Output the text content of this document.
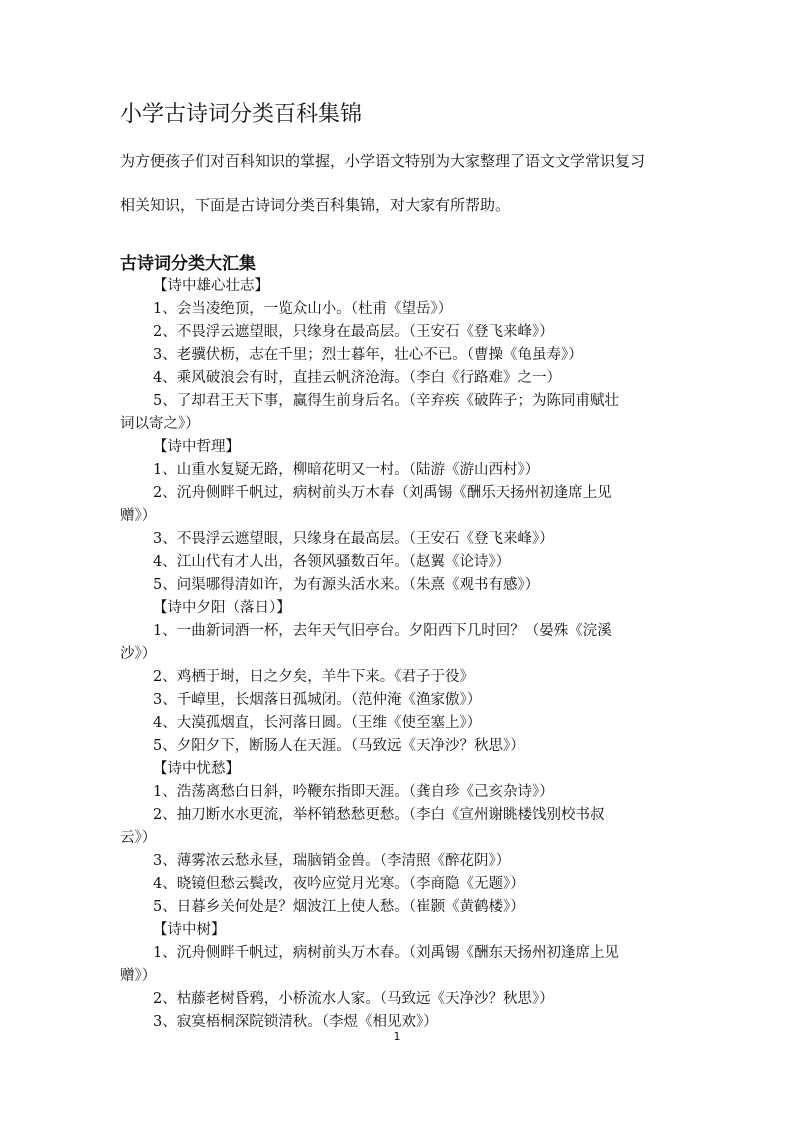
小学古诗词分类百科集锦

为方便孩子们对百科知识的掌握，小学语文特别为大家整理了语文文学常识复习

相关知识，下面是古诗词分类百科集锦，对大家有所帮助。

古诗词分类大汇集
【诗中雄心壮志】
1、会当凌绝顶，一览众山小。（杜甫《望岳》）
2、不畏浮云遮望眼，只缘身在最高层。（王安石《登飞来峰》）
3、老骥伏枥，志在千里；烈士暮年，壮心不已。（曹操《龟虽寿》）
4、乘风破浪会有时，直挂云帆济沧海。（李白《行路难》之一）
5、了却君王天下事，赢得生前身后名。（辛弃疾《破阵子；为陈同甫赋壮
词以寄之》）
【诗中哲理】
1、山重水复疑无路，柳暗花明又一村。（陆游《游山西村》）
2、沉舟侧畔千帆过，病树前头万木春（刘禹锡《酬乐天扬州初逢席上见
赠》）
3、不畏浮云遮望眼，只缘身在最高层。（王安石《登飞来峰》）
4、江山代有才人出，各领风骚数百年。（赵翼《论诗》）
5、问渠哪得清如许，为有源头活水来。（朱熹《观书有感》）
【诗中夕阳（落日）】
1、一曲新词酒一杯，去年天气旧亭台。夕阳西下几时回？（晏殊《浣溪
沙》）
2、鸡栖于埘，日之夕矣，羊牛下来。《君子于役》
3、千嶂里，长烟落日孤城闭。（范仲淹《渔家傲》）
4、大漠孤烟直，长河落日圆。（王维《使至塞上》）
5、夕阳夕下，断肠人在天涯。（马致远《天净沙？秋思》）
【诗中忧愁】
1、浩荡离愁白日斜，吟鞭东指即天涯。（龚自珍《己亥杂诗》）
2、抽刀断水水更流，举杯销愁愁更愁。（李白《宣州谢眺楼饯别校书叔
云》）
3、薄雾浓云愁永昼，瑞脑销金兽。（李清照《醉花阴》）
4、晓镜但愁云鬓改，夜吟应觉月光寒。（李商隐《无题》）
5、日暮乡关何处是？烟波江上使人愁。（崔颢《黄鹤楼》）
【诗中树】
1、沉舟侧畔千帆过，病树前头万木春。（刘禹锡《酬东天扬州初逢席上见
赠》）
2、枯藤老树昏鸦，小桥流水人家。（马致远《天净沙？秋思》）
3、寂寞梧桐深院锁清秋。（李煜《相见欢》）
1
